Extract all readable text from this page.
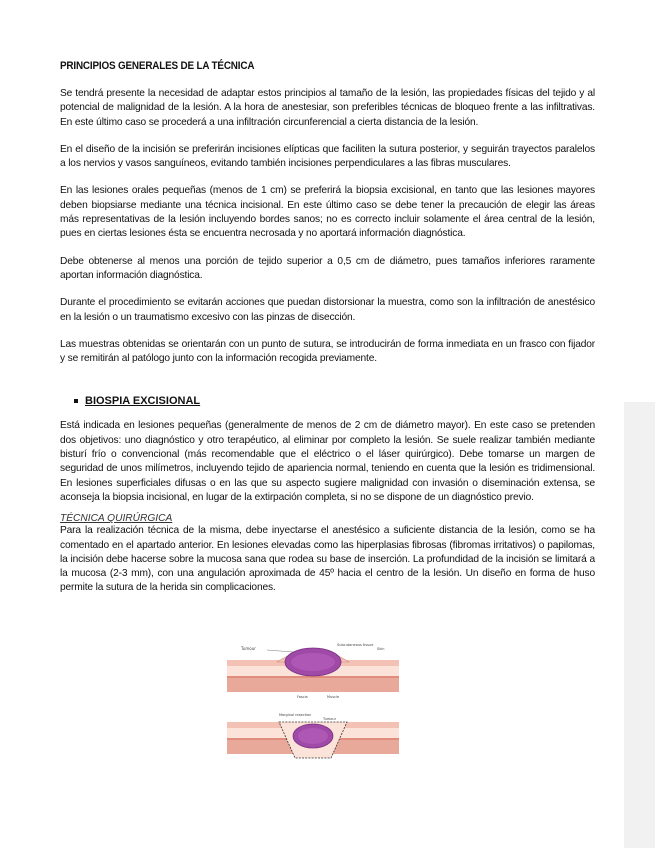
PRINCIPIOS GENERALES DE LA TÉCNICA

Se tendrá presente la necesidad de adaptar estos principios al tamaño de la lesión, las propiedades físicas del tejido y al potencial de malignidad de la lesión. A la hora de anestesiar, son preferibles técnicas de bloqueo frente a las infiltrativas. En este último caso se procederá a una infiltración circunferencial a cierta distancia de la lesión.

En el diseño de la incisión se preferirán incisiones elípticas que faciliten la sutura posterior, y seguirán trayectos paralelos a los nervios y vasos sanguíneos, evitando también incisiones perpendiculares a las fibras musculares.

En las lesiones orales pequeñas (menos de 1 cm) se preferirá la biopsia excisional, en tanto que las lesiones mayores deben biopsiarse mediante una técnica incisional. En este último caso se debe tener la precaución de elegir las áreas más representativas de la lesión incluyendo bordes sanos; no es correcto incluir solamente el área central de la lesión, pues en ciertas lesiones ésta se encuentra necrosada y no aportará información diagnóstica.

Debe obtenerse al menos una porción de tejido superior a 0,5 cm de diámetro, pues tamaños inferiores raramente aportan información diagnóstica.

Durante el procedimiento se evitarán acciones que puedan distorsionar la muestra, como son la infiltración de anestésico en la lesión o un traumatismo excesivo con las pinzas de disección.

Las muestras obtenidas se orientarán con un punto de sutura, se introducirán de forma inmediata en un frasco con fijador y se remitirán al patólogo junto con la información recogida previamente.

BIOSPIA EXCISIONAL

Está indicada en lesiones pequeñas (generalmente de menos de 2 cm de diámetro mayor). En este caso se pretenden dos objetivos: uno diagnóstico y otro terapéutico, al eliminar por completo la lesión. Se suele realizar también mediante bisturí frío o convencional (más recomendable que el eléctrico o el láser quirúrgico). Debe tomarse un margen de seguridad de unos milímetros, incluyendo tejido de apariencia normal, teniendo en cuenta que la lesión es tridimensional. En lesiones superficiales difusas o en las que su aspecto sugiere malignidad con invasión o diseminación extensa, se aconseja la biopsia incisional, en lugar de la extirpación completa, si no se dispone de un diagnóstico previo.

TÉCNICA QUIRÚRGICA

Para la realización técnica de la misma, debe inyectarse el anestésico a suficiente distancia de la lesión, como se ha comentado en el apartado anterior. En lesiones elevadas como las hiperplasias fibrosas (fibromas irritativos) o papilomas, la incisión debe hacerse sobre la mucosa sana que rodea su base de inserción. La profundidad de la incisión se limitará a la mucosa (2-3 mm), con una angulación aproximada de 45º hacia el centro de la lesión. Un diseño en forma de huso permite la sutura de la herida sin complicaciones.

Tumour
Subcutaneous tissue
Skin
Fascia	Muscle
Marginal resection
Tumour
